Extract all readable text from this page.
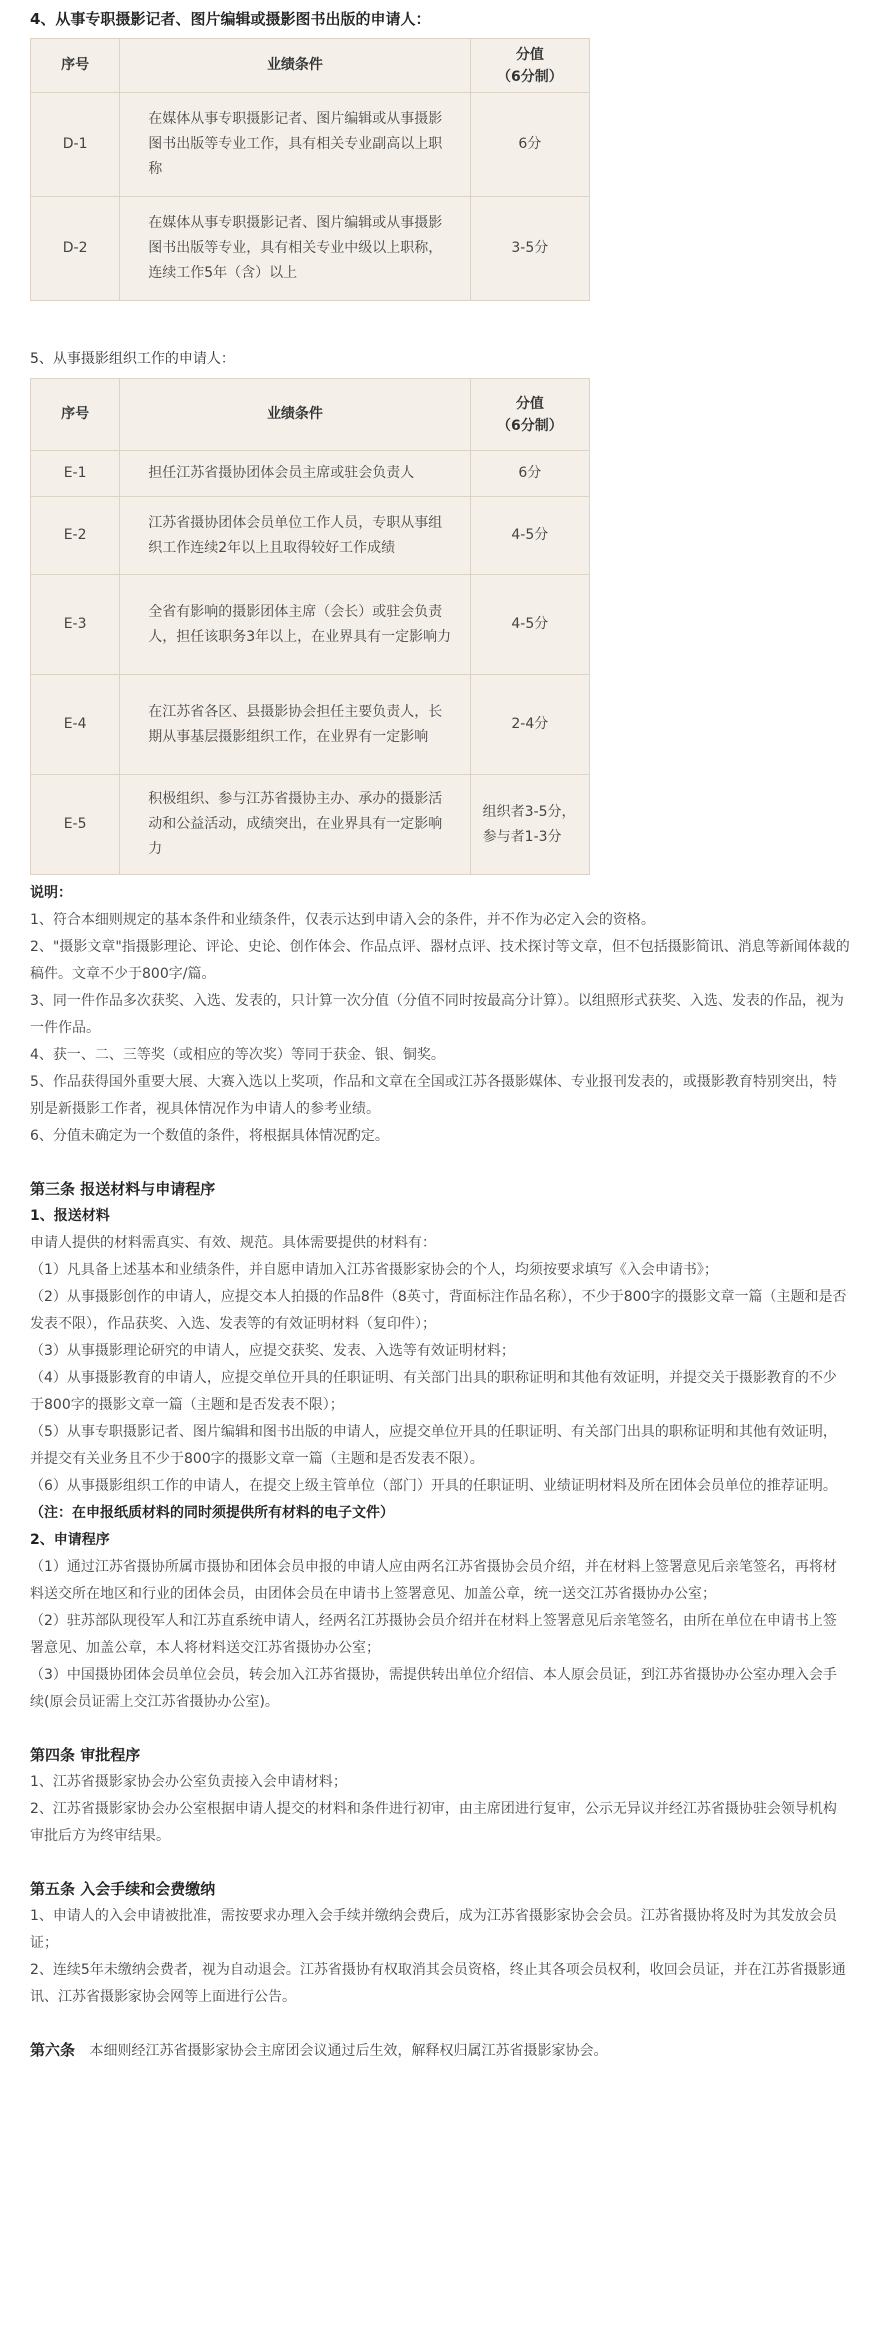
4、从事专职摄影记者、图片编辑或摄影图书出版的申请人：
序号	业绩条件	分值
（6分制）
D-1	在媒体从事专职摄影记者、图片编辑或从事摄影图书出版等专业工作，具有相关专业副高以上职称	6分
D-2	在媒体从事专职摄影记者、图片编辑或从事摄影图书出版等专业，具有相关专业中级以上职称，连续工作5年（含）以上	3-5分
5、从事摄影组织工作的申请人：
序号	业绩条件	分值
（6分制）
E-1	担任江苏省摄协团体会员主席或驻会负责人	6分
E-2	江苏省摄协团体会员单位工作人员，专职从事组织工作连续2年以上且取得较好工作成绩	4-5分
E-3	全省有影响的摄影团体主席（会长）或驻会负责人，担任该职务3年以上，在业界具有一定影响力	4-5分
E-4	在江苏省各区、县摄影协会担任主要负责人，长期从事基层摄影组织工作，在业界有一定影响	2-4分
E-5	积极组织、参与江苏省摄协主办、承办的摄影活动和公益活动，成绩突出，在业界具有一定影响力	组织者3-5分，参与者1-3分

说明：

1、符合本细则规定的基本条件和业绩条件，仅表示达到申请入会的条件，并不作为必定入会的资格。

2、"摄影文章"指摄影理论、评论、史论、创作体会、作品点评、器材点评、技术探讨等文章，但不包括摄影简讯、消息等新闻体裁的稿件。文章不少于800字/篇。

3、同一件作品多次获奖、入选、发表的，只计算一次分值（分值不同时按最高分计算）。以组照形式获奖、入选、发表的作品，视为一件作品。

4、获一、二、三等奖（或相应的等次奖）等同于获金、银、铜奖。

5、作品获得国外重要大展、大赛入选以上奖项，作品和文章在全国或江苏各摄影媒体、专业报刊发表的，或摄影教育特别突出，特别是新摄影工作者，视具体情况作为申请人的参考业绩。

6、分值未确定为一个数值的条件，将根据具体情况酌定。

第三条 报送材料与申请程序

1、报送材料

申请人提供的材料需真实、有效、规范。具体需要提供的材料有：

（1）凡具备上述基本和业绩条件，并自愿申请加入江苏省摄影家协会的个人，均须按要求填写《入会申请书》；

（2）从事摄影创作的申请人，应提交本人拍摄的作品8件（8英寸，背面标注作品名称），不少于800字的摄影文章一篇（主题和是否发表不限），作品获奖、入选、发表等的有效证明材料（复印件）；

（3）从事摄影理论研究的申请人，应提交获奖、发表、入选等有效证明材料；

（4）从事摄影教育的申请人，应提交单位开具的任职证明、有关部门出具的职称证明和其他有效证明，并提交关于摄影教育的不少于800字的摄影文章一篇（主题和是否发表不限）；

（5）从事专职摄影记者、图片编辑和图书出版的申请人，应提交单位开具的任职证明、有关部门出具的职称证明和其他有效证明，并提交有关业务且不少于800字的摄影文章一篇（主题和是否发表不限）。

（6）从事摄影组织工作的申请人，在提交上级主管单位（部门）开具的任职证明、业绩证明材料及所在团体会员单位的推荐证明。

（注：在申报纸质材料的同时须提供所有材料的电子文件）

2、申请程序

（1）通过江苏省摄协所属市摄协和团体会员申报的申请人应由两名江苏省摄协会员介绍，并在材料上签署意见后亲笔签名，再将材料送交所在地区和行业的团体会员，由团体会员在申请书上签署意见、加盖公章，统一送交江苏省摄协办公室；

（2）驻苏部队现役军人和江苏直系统申请人，经两名江苏摄协会员介绍并在材料上签署意见后亲笔签名，由所在单位在申请书上签署意见、加盖公章，本人将材料送交江苏省摄协办公室；

（3）中国摄协团体会员单位会员，转会加入江苏省摄协，需提供转出单位介绍信、本人原会员证，到江苏省摄协办公室办理入会手续(原会员证需上交江苏省摄协办公室)。

第四条 审批程序

1、江苏省摄影家协会办公室负责接入会申请材料；

2、江苏省摄影家协会办公室根据申请人提交的材料和条件进行初审，由主席团进行复审，公示无异议并经江苏省摄协驻会领导机构审批后方为终审结果。

第五条 入会手续和会费缴纳

1、申请人的入会申请被批准，需按要求办理入会手续并缴纳会费后，成为江苏省摄影家协会会员。江苏省摄协将及时为其发放会员证；

2、连续5年未缴纳会费者，视为自动退会。江苏省摄协有权取消其会员资格，终止其各项会员权利，收回会员证，并在江苏省摄影通讯、江苏省摄影家协会网等上面进行公告。

第六条 本细则经江苏省摄影家协会主席团会议通过后生效，解释权归属江苏省摄影家协会。
